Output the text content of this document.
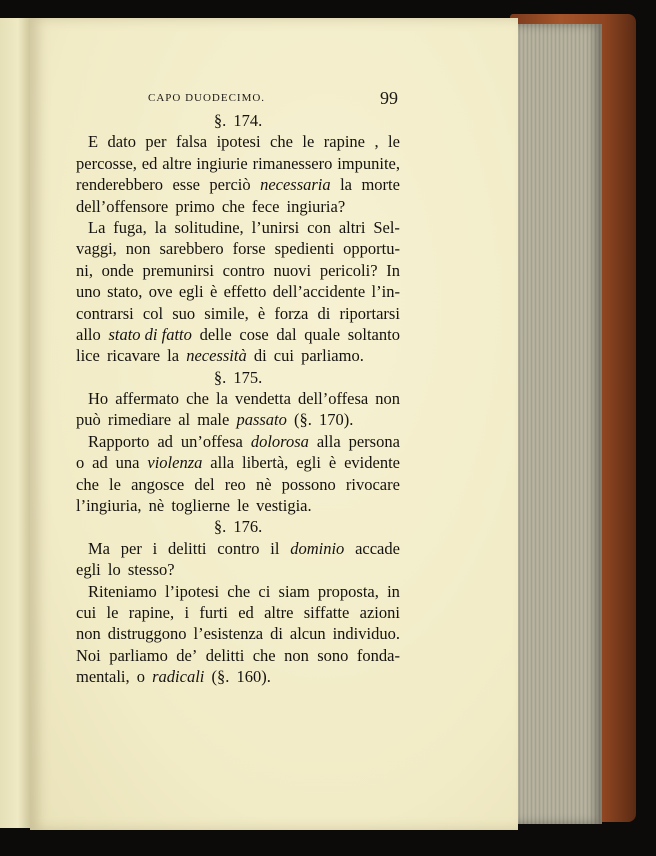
CAPO DUODECIMO.	99
§. 174.
E dato per falsa ipotesi che le rapine , le
percosse, ed altre ingiurie rimanessero impunite,
renderebbero esse perciò necessaria la morte
dell’offensore primo che fece ingiuria?
La fuga, la solitudine, l’unirsi con altri Sel-
vaggi, non sarebbero forse spedienti opportu-
ni, onde premunirsi contro nuovi pericoli? In
uno stato, ove egli è effetto dell’accidente l’in-
contrarsi col suo simile, è forza di riportarsi
allo stato di fatto delle cose dal quale soltanto
lice ricavare la necessità di cui parliamo.
§. 175.
Ho affermato che la vendetta dell’offesa non
può rimediare al male passato (§. 170).
Rapporto ad un’offesa dolorosa alla persona
o ad una violenza alla libertà, egli è evidente
che le angosce del reo nè possono rivocare
l’ingiuria, nè toglierne le vestigia.
§. 176.
Ma per i delitti contro il dominio accade
egli lo stesso?
Riteniamo l’ipotesi che ci siam proposta, in
cui le rapine, i furti ed altre siffatte azioni
non distruggono l’esistenza di alcun individuo.
Noi parliamo de’ delitti che non sono fonda-
mentali, o radicali (§. 160).
